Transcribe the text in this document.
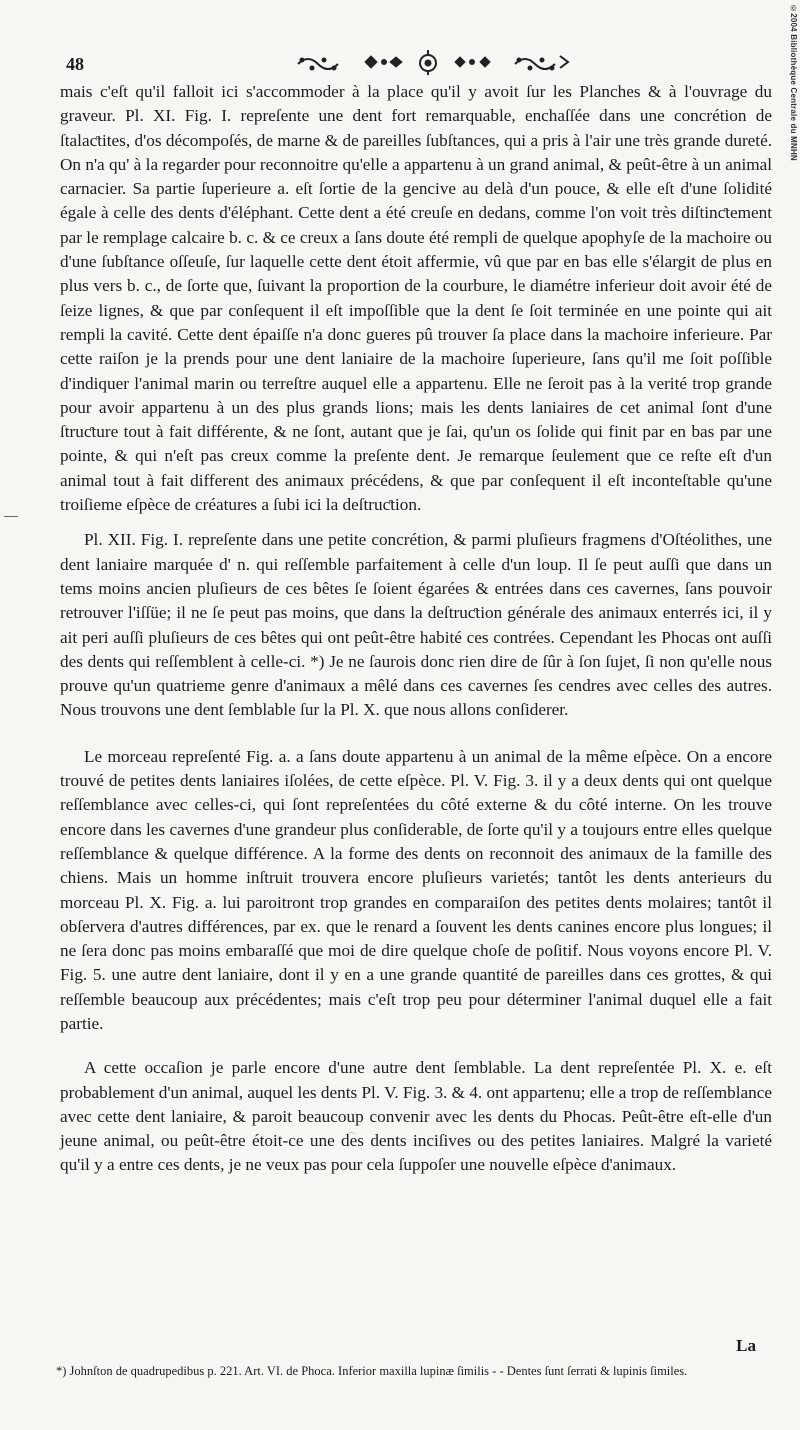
©2004 Bibliothèque Centrale du MNHN
48

mais c'eſt qu'il falloit ici s'accommoder à la place qu'il y avoit ſur les Planches & à l'ouvrage du graveur. Pl. XI. Fig. I. repreſente une dent fort remarquable, enchaſſée dans une concrétion de ſtalaƈtites, d'os décompoſés, de marne & de pareilles ſubſtances, qui a pris à l'air une très grande dureté. On n'a qu' à la regarder pour reconnoitre qu'elle a appartenu à un grand animal, & peût-être à un animal carnacier. Sa partie ſuperieure a. eſt ſortie de la gencive au delà d'un pouce, & elle eſt d'une ſolidité égale à celle des dents d'éléphant. Cette dent a été creuſe en dedans, comme l'on voit très diſtinƈtement par le remplage calcaire b. c. & ce creux a ſans doute été rempli de quelque apophyſe de la machoire ou d'une ſubſtance oſſeuſe, ſur laquelle cette dent étoit affermie, vû que par en bas elle s'élargit de plus en plus vers b. c., de ſorte que, ſuivant la proportion de la courbure, le diamétre inferieur doit avoir été de ſeize lignes, & que par conſequent il eſt impoſſible que la dent ſe ſoit terminée en une pointe qui ait rempli la cavité. Cette dent épaiſſe n'a donc gueres pû trouver ſa place dans la machoire inferieure. Par cette raiſon je la prends pour une dent laniaire de la machoire ſuperieure, ſans qu'il me ſoit poſſible d'indiquer l'animal marin ou terreſtre auquel elle a appartenu. Elle ne ſeroit pas à la verité trop grande pour avoir appartenu à un des plus grands lions; mais les dents laniaires de cet animal ſont d'une ſtruƈture tout à fait différente, & ne ſont, autant que je ſai, qu'un os ſolide qui finit par en bas par une pointe, & qui n'eſt pas creux comme la preſente dent. Je remarque ſeulement que ce reſte eſt d'un animal tout à fait different des animaux précédens, & que par conſequent il eſt inconteſtable qu'une troiſieme eſpèce de créatures a ſubi ici la deſtruƈtion.

Pl. XII. Fig. I. repreſente dans une petite concrétion, & parmi pluſieurs fragmens d'Oſtéolithes, une dent laniaire marquée d' n. qui reſſemble parfaitement à celle d'un loup. Il ſe peut auſſi que dans un tems moins ancien pluſieurs de ces bêtes ſe ſoient égarées & entrées dans ces cavernes, ſans pouvoir retrouver l'iſſüe; il ne ſe peut pas moins, que dans la deſtruƈtion générale des animaux enterrés ici, il y ait peri auſſi pluſieurs de ces bêtes qui ont peût-être habité ces contrées. Cependant les Phocas ont auſſi des dents qui reſſemblent à celle-ci. *) Je ne ſaurois donc rien dire de ſûr à ſon ſujet, ſi non qu'elle nous prouve qu'un quatrieme genre d'animaux a mêlé dans ces cavernes ſes cendres avec celles des autres. Nous trouvons une dent ſemblable ſur la Pl. X. que nous allons conſiderer.

Le morceau repreſenté Fig. a. a ſans doute appartenu à un animal de la même eſpèce. On a encore trouvé de petites dents laniaires iſolées, de cette eſpèce. Pl. V. Fig. 3. il y a deux dents qui ont quelque reſſemblance avec celles-ci, qui ſont repreſentées du côté externe & du côté interne. On les trouve encore dans les cavernes d'une grandeur plus conſiderable, de ſorte qu'il y a toujours entre elles quelque reſſemblance & quelque différence. A la forme des dents on reconnoit des animaux de la famille des chiens. Mais un homme inſtruit trouvera encore pluſieurs varietés; tantôt les dents anterieurs du morceau Pl. X. Fig. a. lui paroitront trop grandes en comparaiſon des petites dents molaires; tantôt il obſervera d'autres différences, par ex. que le renard a ſouvent les dents canines encore plus longues; il ne ſera donc pas moins embaraſſé que moi de dire quelque choſe de poſitif. Nous voyons encore Pl. V. Fig. 5. une autre dent laniaire, dont il y en a une grande quantité de pareilles dans ces grottes, & qui reſſemble beaucoup aux précédentes; mais c'eſt trop peu pour déterminer l'animal duquel elle a fait partie.

A cette occaſion je parle encore d'une autre dent ſemblable. La dent repreſentée Pl. X. e. eſt probablement d'un animal, auquel les dents Pl. V. Fig. 3. & 4. ont appartenu; elle a trop de reſſemblance avec cette dent laniaire, & paroit beaucoup convenir avec les dents du Phocas. Peût-être eſt-elle d'un jeune animal, ou peût-être étoit-ce une des dents inciſives ou des petites laniaires. Malgré la varieté qu'il y a entre ces dents, je ne veux pas pour cela ſuppoſer une nouvelle eſpèce d'animaux.

La
*) Johnſton de quadrupedibus p. 221. Art. VI. de Phoca. Inferior maxilla lupinæ ſimilis - - Dentes ſunt ſerrati & lupinis ſimiles.
